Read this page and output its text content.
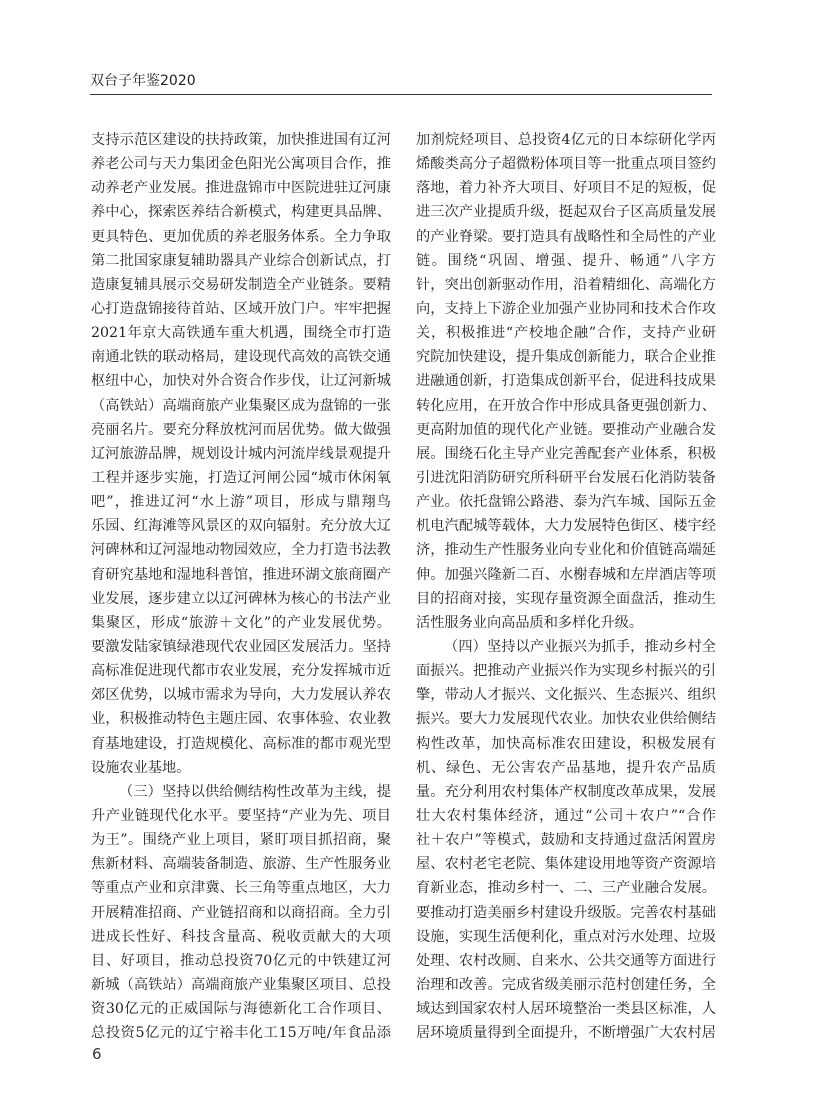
双台子年鉴2020
支持示范区建设的扶持政策，加快推进国有辽河
养老公司与天力集团金色阳光公寓项目合作，推
动养老产业发展。推进盘锦市中医院进驻辽河康
养中心，探索医养结合新模式，构建更具品牌、
更具特色、更加优质的养老服务体系。全力争取
第二批国家康复辅助器具产业综合创新试点，打
造康复辅具展示交易研发制造全产业链条。要精
心打造盘锦接待首站、区域开放门户。牢牢把握
2021年京大高铁通车重大机遇，围绕全市打造
南通北铁的联动格局，建设现代高效的高铁交通
枢纽中心，加快对外合资合作步伐，让辽河新城
（高铁站）高端商旅产业集聚区成为盘锦的一张
亮丽名片。要充分释放枕河而居优势。做大做强
辽河旅游品牌，规划设计城内河流岸线景观提升
工程并逐步实施，打造辽河闸公园“城市休闲氧
吧”，推进辽河“水上游”项目，形成与鼎翔鸟
乐园、红海滩等风景区的双向辐射。充分放大辽
河碑林和辽河湿地动物园效应，全力打造书法教
育研究基地和湿地科普馆，推进环湖文旅商圈产
业发展，逐步建立以辽河碑林为核心的书法产业
集聚区，形成“旅游＋文化”的产业发展优势。
要激发陆家镇绿港现代农业园区发展活力。坚持
高标准促进现代都市农业发展，充分发挥城市近
郊区优势，以城市需求为导向，大力发展认养农
业，积极推动特色主题庄园、农事体验、农业教
育基地建设，打造规模化、高标准的都市观光型
设施农业基地。
（三）坚持以供给侧结构性改革为主线，提
升产业链现代化水平。要坚持“产业为先、项目
为王”。围绕产业上项目，紧盯项目抓招商，聚
焦新材料、高端装备制造、旅游、生产性服务业
等重点产业和京津冀、长三角等重点地区，大力
开展精准招商、产业链招商和以商招商。全力引
进成长性好、科技含量高、税收贡献大的大项
目、好项目，推动总投资70亿元的中铁建辽河
新城（高铁站）高端商旅产业集聚区项目、总投
资30亿元的正威国际与海德新化工合作项目、
总投资5亿元的辽宁裕丰化工15万吨/年食品添
加剂烷烃项目、总投资4亿元的日本综研化学丙
烯酸类高分子超微粉体项目等一批重点项目签约
落地，着力补齐大项目、好项目不足的短板，促
进三次产业提质升级，挺起双台子区高质量发展
的产业脊梁。要打造具有战略性和全局性的产业
链。围绕“巩固、增强、提升、畅通”八字方
针，突出创新驱动作用，沿着精细化、高端化方
向，支持上下游企业加强产业协同和技术合作攻
关，积极推进“产校地企融”合作，支持产业研
究院加快建设，提升集成创新能力，联合企业推
进融通创新，打造集成创新平台，促进科技成果
转化应用，在开放合作中形成具备更强创新力、
更高附加值的现代化产业链。要推动产业融合发
展。围绕石化主导产业完善配套产业体系，积极
引进沈阳消防研究所科研平台发展石化消防装备
产业。依托盘锦公路港、泰为汽车城、国际五金
机电汽配城等载体，大力发展特色街区、楼宇经
济，推动生产性服务业向专业化和价值链高端延
伸。加强兴隆新二百、水榭春城和左岸酒店等项
目的招商对接，实现存量资源全面盘活，推动生
活性服务业向高品质和多样化升级。
（四）坚持以产业振兴为抓手，推动乡村全
面振兴。把推动产业振兴作为实现乡村振兴的引
擎，带动人才振兴、文化振兴、生态振兴、组织
振兴。要大力发展现代农业。加快农业供给侧结
构性改革，加快高标准农田建设，积极发展有
机、绿色、无公害农产品基地，提升农产品质
量。充分利用农村集体产权制度改革成果，发展
壮大农村集体经济，通过“公司＋农户”“合作
社＋农户”等模式，鼓励和支持通过盘活闲置房
屋、农村老宅老院、集体建设用地等资产资源培
育新业态，推动乡村一、二、三产业融合发展。
要推动打造美丽乡村建设升级版。完善农村基础
设施，实现生活便利化，重点对污水处理、垃圾
处理、农村改厕、自来水、公共交通等方面进行
治理和改善。完成省级美丽示范村创建任务，全
域达到国家农村人居环境整治一类县区标准，人
居环境质量得到全面提升，不断增强广大农村居
6
